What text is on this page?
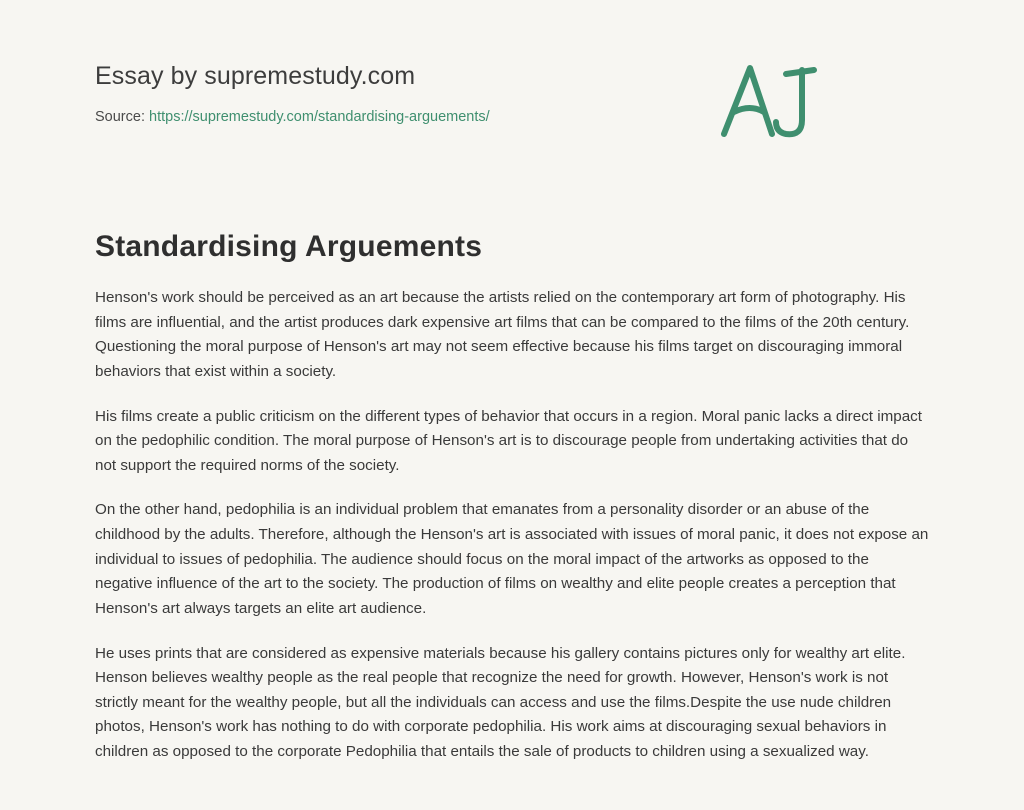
Essay by supremestudy.com
Source: https://supremestudy.com/standardising-arguements/
Standardising Arguements

Henson's work should be perceived as an art because the artists relied on the contemporary art form of photography. His films are influential, and the artist produces dark expensive art films that can be compared to the films of the 20th century. Questioning the moral purpose of Henson's art may not seem effective because his films target on discouraging immoral behaviors that exist within a society.

His films create a public criticism on the different types of behavior that occurs in a region. Moral panic lacks a direct impact on the pedophilic condition. The moral purpose of Henson's art is to discourage people from undertaking activities that do not support the required norms of the society.

On the other hand, pedophilia is an individual problem that emanates from a personality disorder or an abuse of the childhood by the adults. Therefore, although the Henson's art is associated with issues of moral panic, it does not expose an individual to issues of pedophilia. The audience should focus on the moral impact of the artworks as opposed to the negative influence of the art to the society. The production of films on wealthy and elite people creates a perception that Henson's art always targets an elite art audience.

He uses prints that are considered as expensive materials because his gallery contains pictures only for wealthy art elite. Henson believes wealthy people as the real people that recognize the need for growth. However, Henson's work is not strictly meant for the wealthy people, but all the individuals can access and use the films.Despite the use nude children photos, Henson's work has nothing to do with corporate pedophilia. His work aims at discouraging sexual behaviors in children as opposed to the corporate Pedophilia that entails the sale of products to children using a sexualized way.
